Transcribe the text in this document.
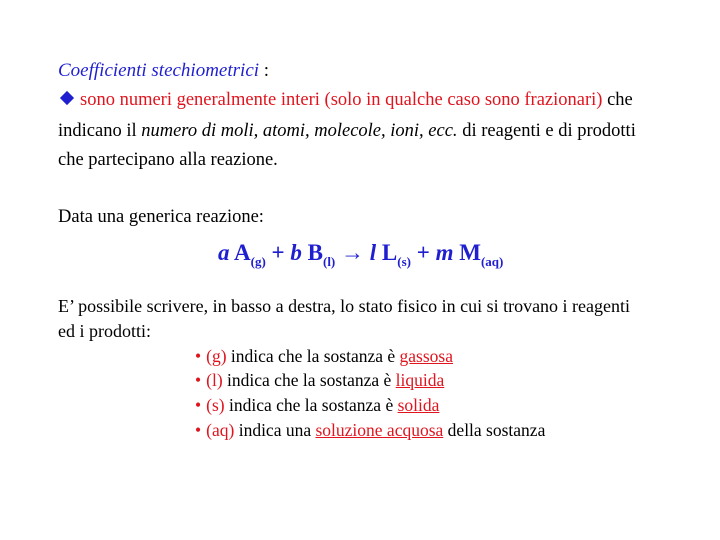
Coefficienti stechiometrici :
sono numeri generalmente interi (solo in qualche caso sono frazionari) che
indicano il numero di moli, atomi, molecole, ioni, ecc. di reagenti e di prodotti
che partecipano alla reazione.
Data una generica reazione:
a $A_{(g)} + b$ $B_{(l)} \to l$ $L_{(s)} + m$ $M_{(aq)}$
E’ possibile scrivere, in basso a destra, lo stato fisico in cui si trovano i reagenti
ed i prodotti:
• (g) indica che la sostanza è gassosa
• (l) indica che la sostanza è liquida
• (s) indica che la sostanza è solida
• (aq) indica una soluzione acquosa della sostanza
